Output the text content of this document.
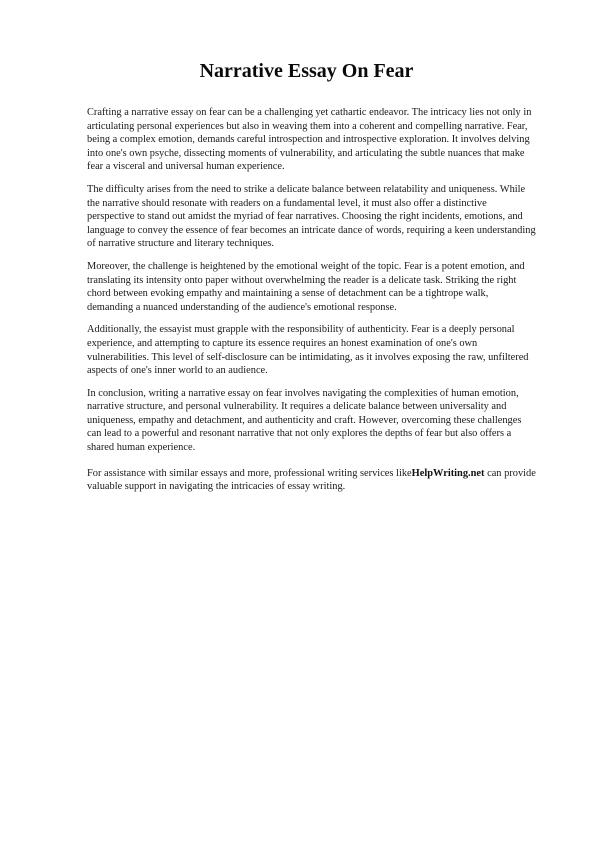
Narrative Essay On Fear

Crafting a narrative essay on fear can be a challenging yet cathartic endeavor. The intricacy lies not only in articulating personal experiences but also in weaving them into a coherent and compelling narrative. Fear, being a complex emotion, demands careful introspection and introspective exploration. It involves delving into one's own psyche, dissecting moments of vulnerability, and articulating the subtle nuances that make fear a visceral and universal human experience.

The difficulty arises from the need to strike a delicate balance between relatability and uniqueness. While the narrative should resonate with readers on a fundamental level, it must also offer a distinctive perspective to stand out amidst the myriad of fear narratives. Choosing the right incidents, emotions, and language to convey the essence of fear becomes an intricate dance of words, requiring a keen understanding of narrative structure and literary techniques.

Moreover, the challenge is heightened by the emotional weight of the topic. Fear is a potent emotion, and translating its intensity onto paper without overwhelming the reader is a delicate task. Striking the right chord between evoking empathy and maintaining a sense of detachment can be a tightrope walk, demanding a nuanced understanding of the audience's emotional response.

Additionally, the essayist must grapple with the responsibility of authenticity. Fear is a deeply personal experience, and attempting to capture its essence requires an honest examination of one's own vulnerabilities. This level of self-disclosure can be intimidating, as it involves exposing the raw, unfiltered aspects of one's inner world to an audience.

In conclusion, writing a narrative essay on fear involves navigating the complexities of human emotion, narrative structure, and personal vulnerability. It requires a delicate balance between universality and uniqueness, empathy and detachment, and authenticity and craft. However, overcoming these challenges can lead to a powerful and resonant narrative that not only explores the depths of fear but also offers a shared human experience.

For assistance with similar essays and more, professional writing services likeHelpWriting.net can provide valuable support in navigating the intricacies of essay writing.
